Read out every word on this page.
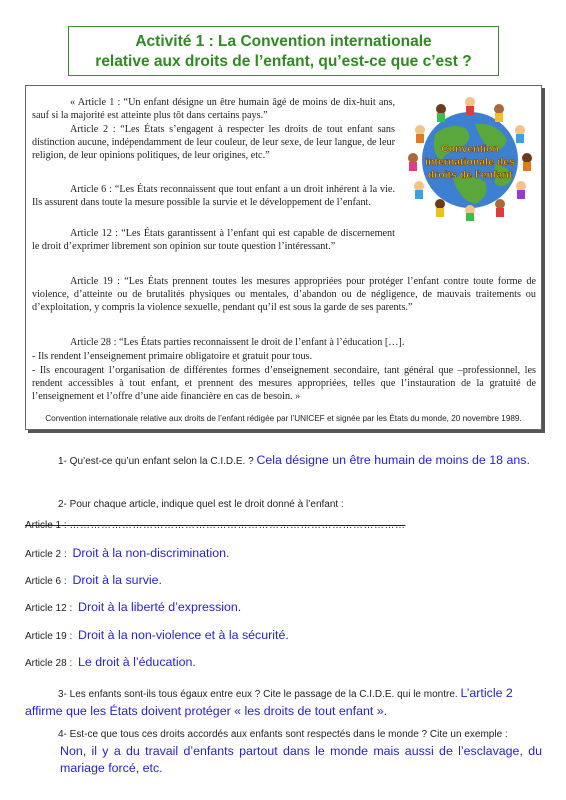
Activité 1 : La Convention internationale
relative aux droits de l’enfant, qu’est-ce que c’est ?

« Article 1 : “Un enfant désigne un être humain âgé de moins de dix-huit ans, sauf si la majorité est atteinte plus tôt dans certains pays.”

Article 2 : “Les États s’engagent à respecter les droits de tout enfant sans distinction aucune, indépendamment de leur couleur, de leur sexe, de leur langue, de leur religion, de leur opinions politiques, de leur origines, etc.”

Article 6 : “Les États reconnaissent que tout enfant a un droit inhérent à la vie. Ils assurent dans toute la mesure possible la survie et le développement de l’enfant.

Article 12 : “Les États garantissent à l’enfant qui est capable de discernement le droit d’exprimer librement son opinion sur toute question l’intéressant.”

Article 19 : “Les États prennent toutes les mesures appropriées pour protéger l’enfant contre toute forme de violence, d’atteinte ou de brutalités physiques ou mentales, d’abandon ou de négligence, de mauvais traitements ou d’exploitation, y compris la violence sexuelle, pendant qu’il est sous la garde de ses parents.”

Article 28 : “Les États parties reconnaissent le droit de l’enfant à l’éducation […].

- Ils rendent l’enseignement primaire obligatoire et gratuit pour tous.

- Ils encouragent l’organisation de différentes formes d’enseignement secondaire, tant général que –professionnel, les rendent accessibles à tout enfant, et prennent des mesures appropriées, telles que l’instauration de la gratuité de l’enseignement et l’offre d’une aide financière en cas de besoin. »

Convention internationale relative aux droits de l’enfant rédigée par l’UNICEF et signée par les États du monde, 20 novembre 1989.
Convention
internationale des
droits de l’enfant
1- Qu’est-ce qu’un enfant selon la C.I.D.E. ? Cela désigne un être humain de moins de 18 ans.
2- Pour chaque article, indique quel est le droit donné à l’enfant :
Article 1 : ……………………………………………………………………………………
Article 2 : Droit à la non-discrimination.
Article 6 : Droit à la survie.
Article 12 : Droit à la liberté d’expression.
Article 19 : Droit à la non-violence et à la sécurité.
Article 28 : Le droit à l’éducation.
3- Les enfants sont-ils tous égaux entre eux ? Cite le passage de la C.I.D.E. qui le montre. L’article 2 affirme que les États doivent protéger « les droits de tout enfant ».
4- Est-ce que tous ces droits accordés aux enfants sont respectés dans le monde ? Cite un exemple :
Non, il y a du travail d’enfants partout dans le monde mais aussi de l’esclavage, du mariage forcé, etc.
